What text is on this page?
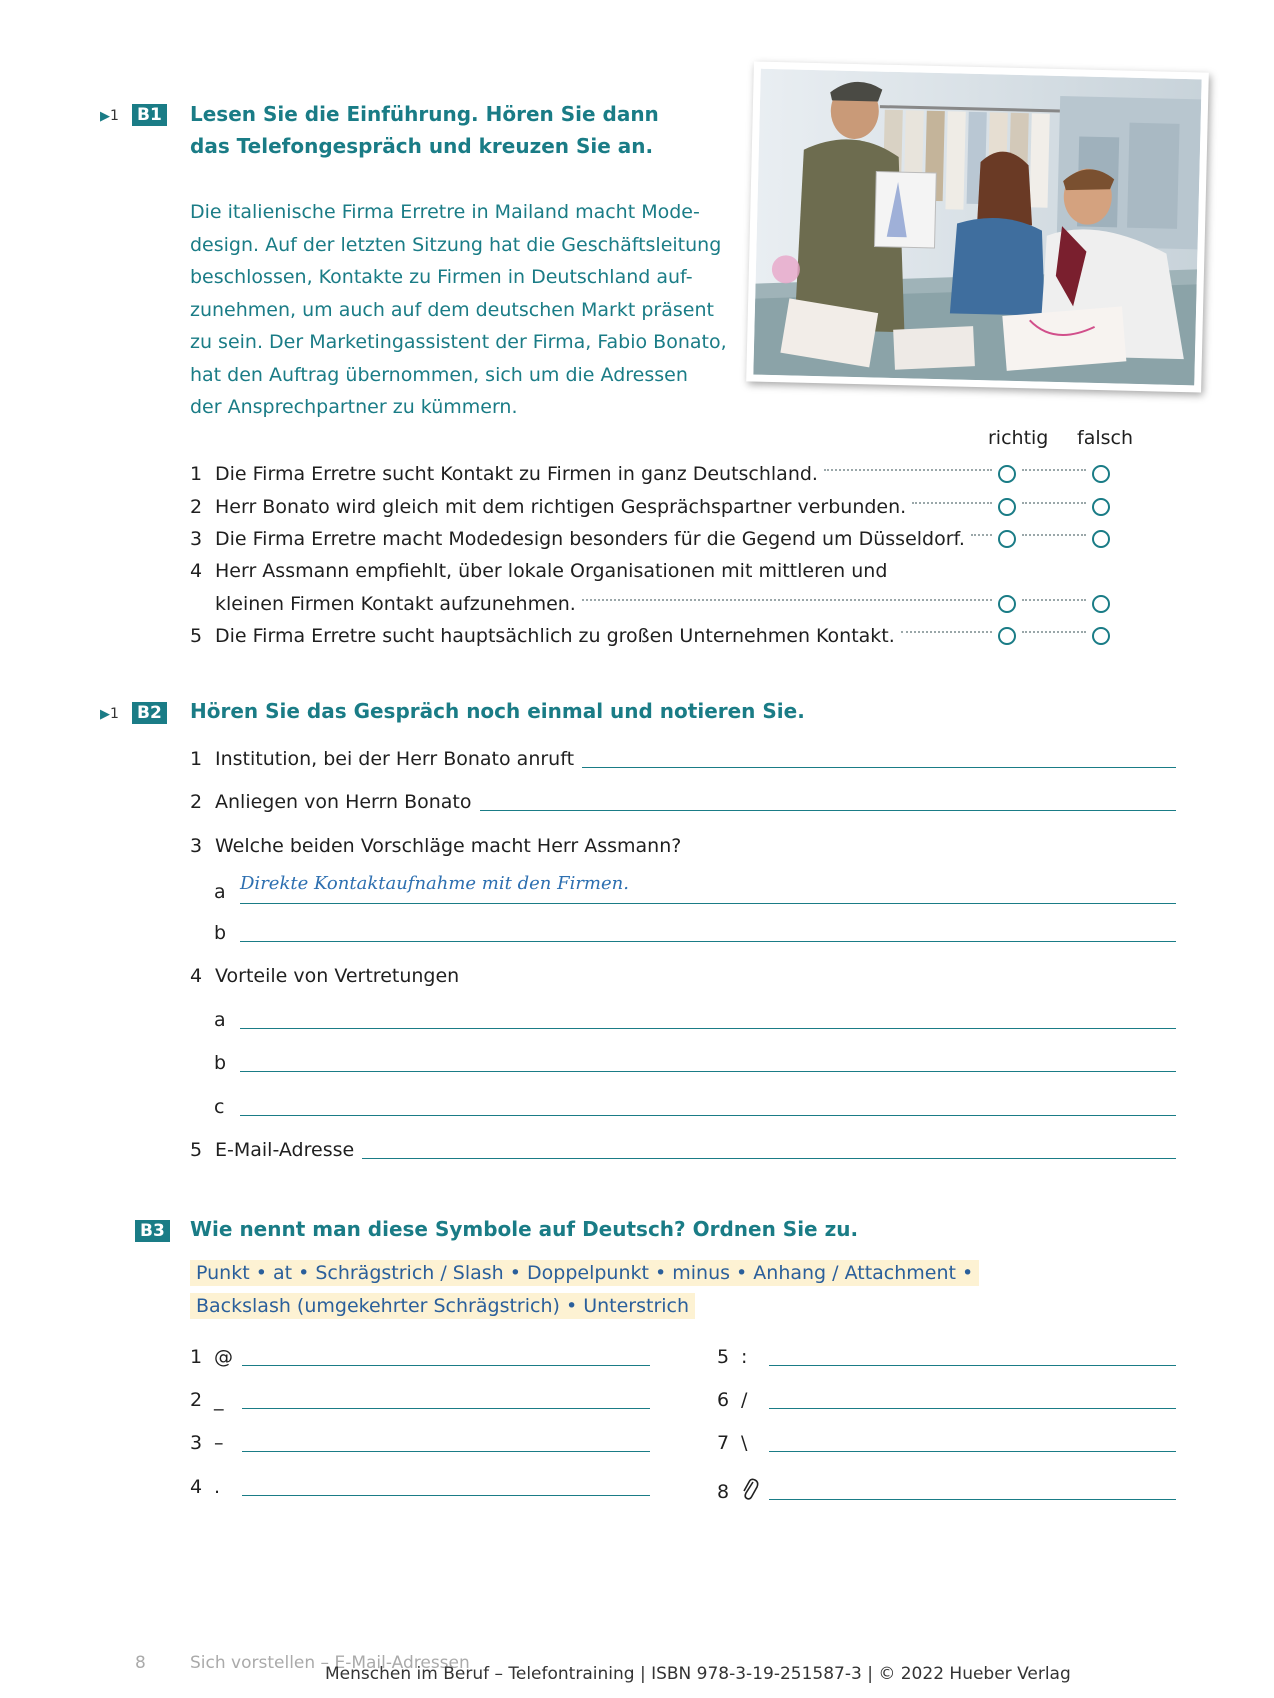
▶1 B1 Lesen Sie die Einführung. Hören Sie dann
das Telefongespräch und kreuzen Sie an.
Die italienische Firma Erretre in Mailand macht Mode-
design. Auf der letzten Sitzung hat die Geschäftsleitung
beschlossen, Kontakte zu Firmen in Deutschland auf-
zunehmen, um auch auf dem deutschen Markt präsent
zu sein. Der Marketingassistent der Firma, Fabio Bonato,
hat den Auftrag übernommen, sich um die Adressen
der Ansprechpartner zu kümmern.
richtig falsch
1 Die Firma Erretre sucht Kontakt zu Firmen in ganz Deutschland.
2 Herr Bonato wird gleich mit dem richtigen Gesprächspartner verbunden.
3 Die Firma Erretre macht Modedesign besonders für die Gegend um Düsseldorf.
4 Herr Assmann empfiehlt, über lokale Organisationen mit mittleren und
kleinen Firmen Kontakt aufzunehmen.
5 Die Firma Erretre sucht hauptsächlich zu großen Unternehmen Kontakt.
▶1 B2 Hören Sie das Gespräch noch einmal und notieren Sie.
1 Institution, bei der Herr Bonato anruft
2 Anliegen von Herrn Bonato
3 Welche beiden Vorschläge macht Herr Assmann?
a Direkte Kontaktaufnahme mit den Firmen.
b
4 Vorteile von Vertretungen
a
b
c
5 E-Mail-Adresse
B3 Wie nennt man diese Symbole auf Deutsch? Ordnen Sie zu.
Punkt • at • Schrägstrich / Slash • Doppelpunkt • minus • Anhang / Attachment •
Backslash (umgekehrter Schrägstrich) • Unterstrich
1 @
2 _
3 –
4 .
5 :
6 /
7 \
8
8	Sich vorstellen – E-Mail-Adressen
Menschen im Beruf – Telefontraining | ISBN 978-3-19-251587-3 | © 2022 Hueber Verlag
